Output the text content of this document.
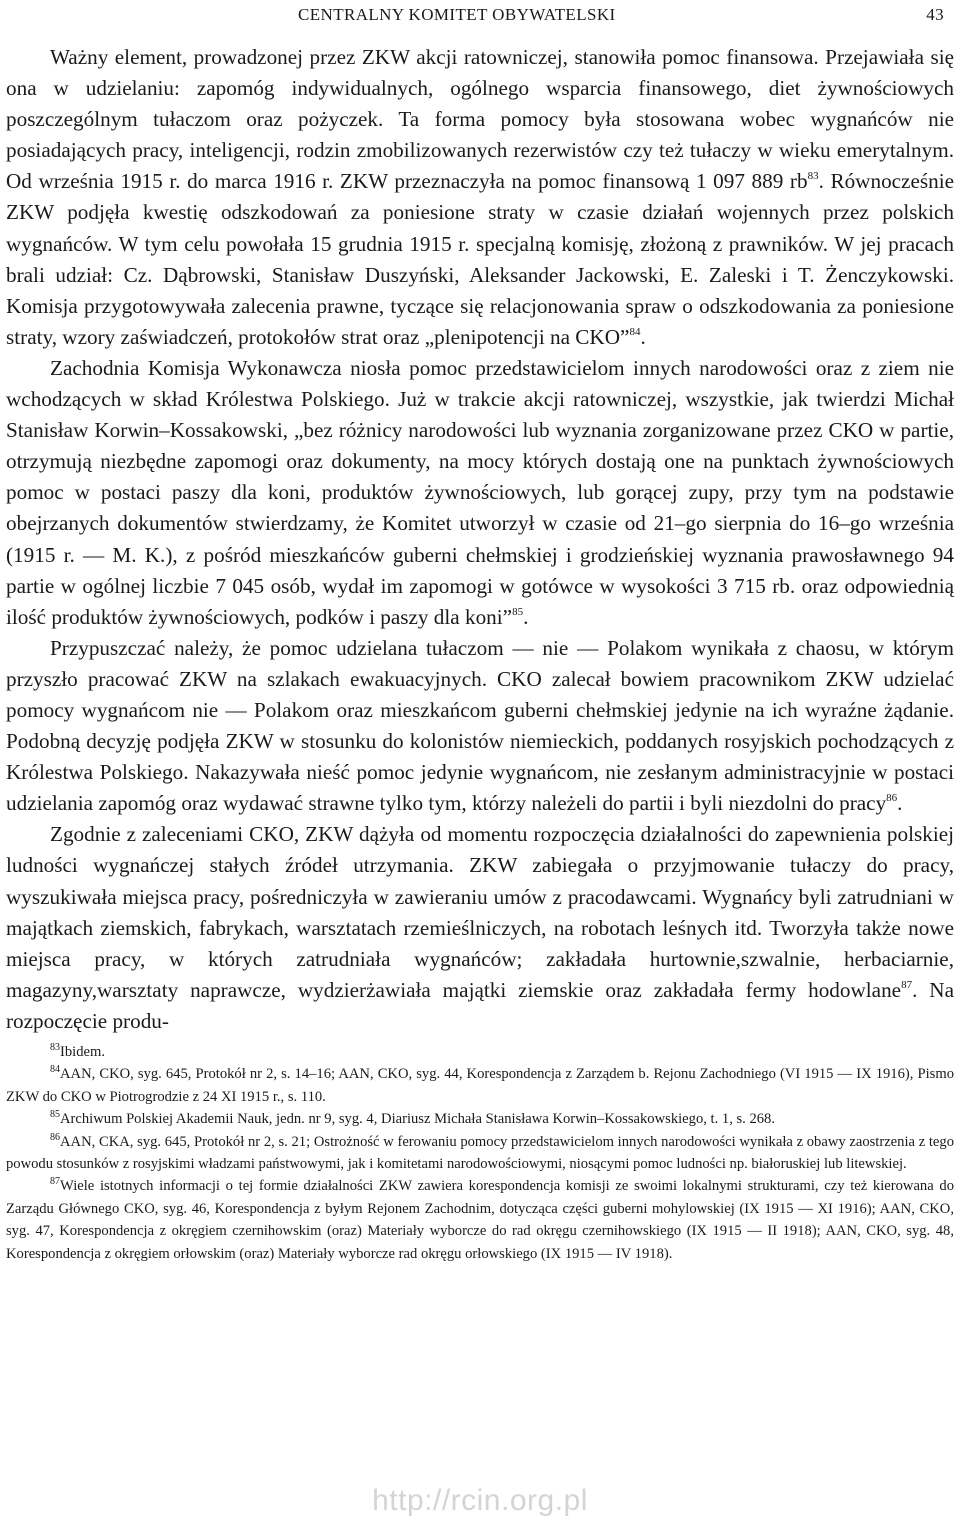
CENTRALNY KOMITET OBYWATELSKI	43

Ważny element, prowadzonej przez ZKW akcji ratowniczej, stanowiła pomoc finansowa. Przejawiała się ona w udzielaniu: zapomóg indywidualnych, ogólnego wsparcia finansowego, diet żywnościowych poszczególnym tułaczom oraz pożyczek. Ta forma pomocy była stosowana wobec wygnańców nie posiadających pracy, inteligencji, rodzin zmobilizowanych rezerwistów czy też tułaczy w wieku emerytalnym. Od września 1915 r. do marca 1916 r. ZKW przeznaczyła na pomoc finansową 1 097 889 rb$^{83}$. Równocześnie ZKW podjęła kwestię odszkodowań za poniesione straty w czasie działań wojennych przez polskich wygnańców. W tym celu powołała 15 grudnia 1915 r. specjalną komisję, złożoną z prawników. W jej pracach brali udział: Cz. Dąbrowski, Stanisław Duszyński, Aleksander Jackowski, E. Zaleski i T. Żenczykowski. Komisja przygotowywała zalecenia prawne, tyczące się relacjonowania spraw o odszkodowania za poniesione straty, wzory zaświadczeń, protokołów strat oraz „plenipotencji na CKO”$^{84}$.

Zachodnia Komisja Wykonawcza niosła pomoc przedstawicielom innych narodowości oraz z ziem nie wchodzących w skład Królestwa Polskiego. Już w trakcie akcji ratowniczej, wszystkie, jak twierdzi Michał Stanisław Korwin–Kossakowski, „bez różnicy narodowości lub wyznania zorganizowane przez CKO w partie, otrzymują niezbędne zapomogi oraz dokumenty, na mocy których dostają one na punktach żywnościowych pomoc w postaci paszy dla koni, produktów żywnościowych, lub gorącej zupy, przy tym na podstawie obejrzanych dokumentów stwierdzamy, że Komitet utworzył w czasie od 21–go sierpnia do 16–go września (1915 r. — M. K.), z pośród mieszkańców guberni chełmskiej i grodzieńskiej wyznania prawosławnego 94 partie w ogólnej liczbie 7 045 osób, wydał im zapomogi w gotówce w wysokości 3 715 rb. oraz odpowiednią ilość produktów żywnościowych, podków i paszy dla koni”$^{85}$.

Przypuszczać należy, że pomoc udzielana tułaczom — nie — Polakom wynikała z chaosu, w którym przyszło pracować ZKW na szlakach ewakuacyjnych. CKO zalecał bowiem pracownikom ZKW udzielać pomocy wygnańcom nie — Polakom oraz mieszkańcom guberni chełmskiej jedynie na ich wyraźne żądanie. Podobną decyzję podjęła ZKW w stosunku do kolonistów niemieckich, poddanych rosyjskich pochodzących z Królestwa Polskiego. Nakazywała nieść pomoc jedynie wygnańcom, nie zesłanym administracyjnie w postaci udzielania zapomóg oraz wydawać strawne tylko tym, którzy należeli do partii i byli niezdolni do pracy$^{86}$.

Zgodnie z zaleceniami CKO, ZKW dążyła od momentu rozpoczęcia działalności do zapewnienia polskiej ludności wygnańczej stałych źródeł utrzymania. ZKW zabiegała o przyjmowanie tułaczy do pracy, wyszukiwała miejsca pracy, pośredniczyła w zawieraniu umów z pracodawcami. Wygnańcy byli zatrudniani w majątkach ziemskich, fabrykach, warsztatach rzemieślniczych, na robotach leśnych itd. Tworzyła także nowe miejsca pracy, w których zatrudniała wygnańców; zakładała hurtownie,szwalnie, herbaciarnie, magazyny,warsztaty naprawcze, wydzierżawiała majątki ziemskie oraz zakładała fermy hodowlane$^{87}$. Na rozpoczęcie produ-

$^{83}$Ibidem.

$^{84}$AAN, CKO, syg. 645, Protokół nr 2, s. 14–16; AAN, CKO, syg. 44, Korespondencja z Zarządem b. Rejonu Zachodniego (VI 1915 — IX 1916), Pismo ZKW do CKO w Piotrogrodzie z 24 XI 1915 r., s. 110.

$^{85}$Archiwum Polskiej Akademii Nauk, jedn. nr 9, syg. 4, Diariusz Michała Stanisława Korwin–Kossakowskiego, t. 1, s. 268.

$^{86}$AAN, CKA, syg. 645, Protokół nr 2, s. 21; Ostrożność w ferowaniu pomocy przedstawicielom innych narodowości wynikała z obawy zaostrzenia z tego powodu stosunków z rosyjskimi władzami państwowymi, jak i komitetami narodowościowymi, niosącymi pomoc ludności np. białoruskiej lub litewskiej.

$^{87}$Wiele istotnych informacji o tej formie działalności ZKW zawiera korespondencja komisji ze swoimi lokalnymi strukturami, czy też kierowana do Zarządu Głównego CKO, syg. 46, Korespondencja z byłym Rejonem Zachodnim, dotycząca części guberni mohylowskiej (IX 1915 — XI 1916); AAN, CKO, syg. 47, Korespondencja z okręgiem czernihowskim (oraz) Materiały wyborcze do rad okręgu czernihowskiego (IX 1915 — II 1918); AAN, CKO, syg. 48, Korespondencja z okręgiem orłowskim (oraz) Materiały wyborcze rad okręgu orłowskiego (IX 1915 — IV 1918).

http://rcin.org.pl
